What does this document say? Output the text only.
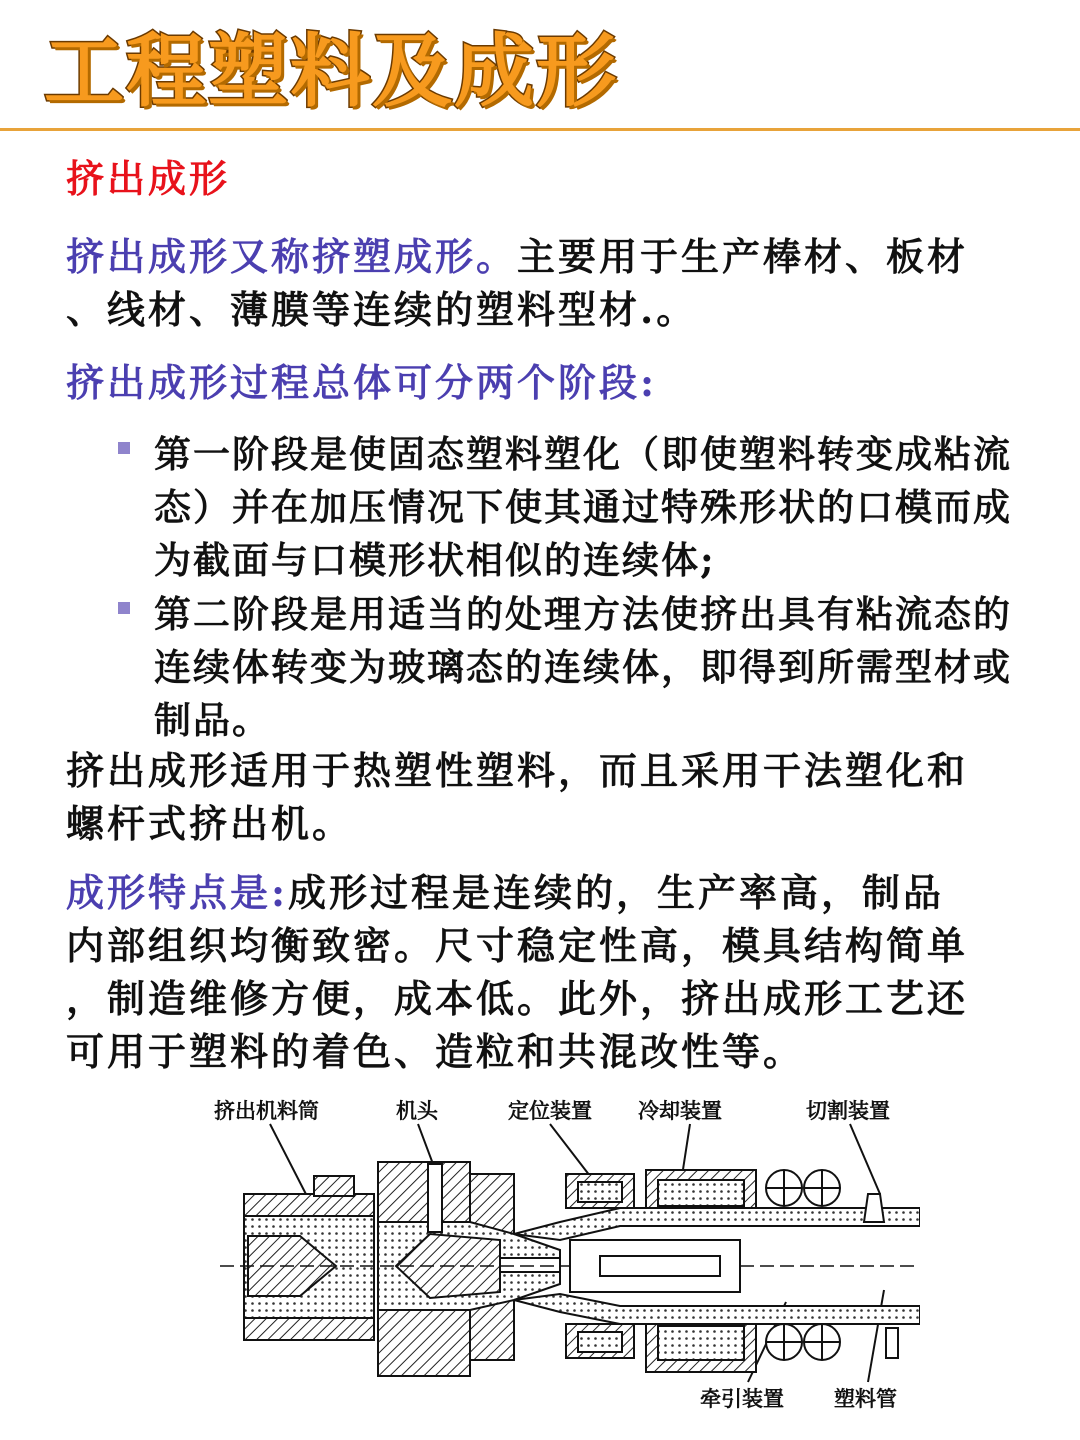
工程塑料及成形
挤出成形
挤出成形又称挤塑成形。主要用于生产棒材、板材
、线材、薄膜等连续的塑料型材.。
挤出成形过程总体可分两个阶段:
第一阶段是使固态塑料塑化（即使塑料转变成粘流
态）并在加压情况下使其通过特殊形状的口模而成
为截面与口模形状相似的连续体;
第二阶段是用适当的处理方法使挤出具有粘流态的
连续体转变为玻璃态的连续体，即得到所需型材或
制品。
挤出成形适用于热塑性塑料，而且采用干法塑化和
螺杆式挤出机。
成形特点是:成形过程是连续的，生产率高，制品
内部组织均衡致密。尺寸稳定性高，模具结构简单
，制造维修方便，成本低。此外，挤出成形工艺还
可用于塑料的着色、造粒和共混改性等。
挤出机料筒	机头	定位装置 冷却装置	切割装置
牵引装置 塑料管
